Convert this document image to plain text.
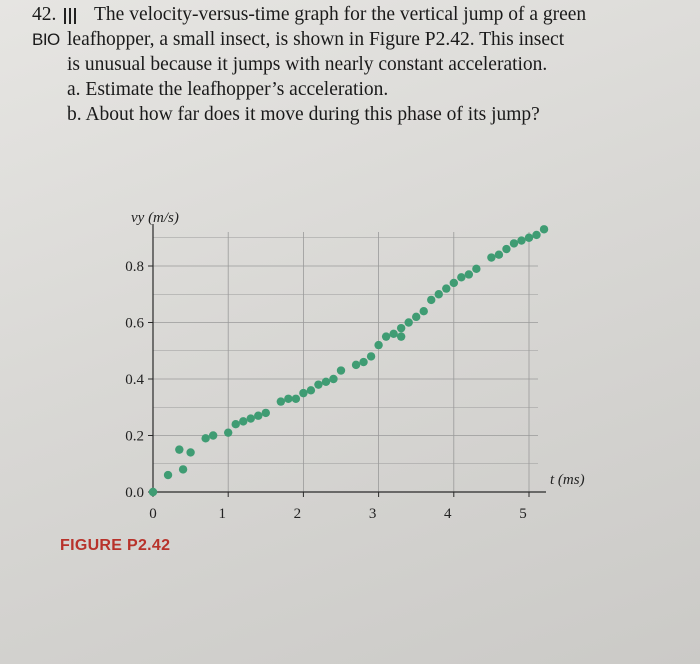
42.
BIO
The velocity-versus-time graph for the vertical jump of a green
leafhopper, a small insect, is shown in Figure P2.42. This insect
is unusual because it jumps with nearly constant acceleration.
a. Estimate the leafhopper’s acceleration.
b. About how far does it move during this phase of its jump?
0.0
0.2
0.4
0.6
0.8
0	1	2	3	4	5
vy (m/s)
t (ms)
FIGURE P2.42
